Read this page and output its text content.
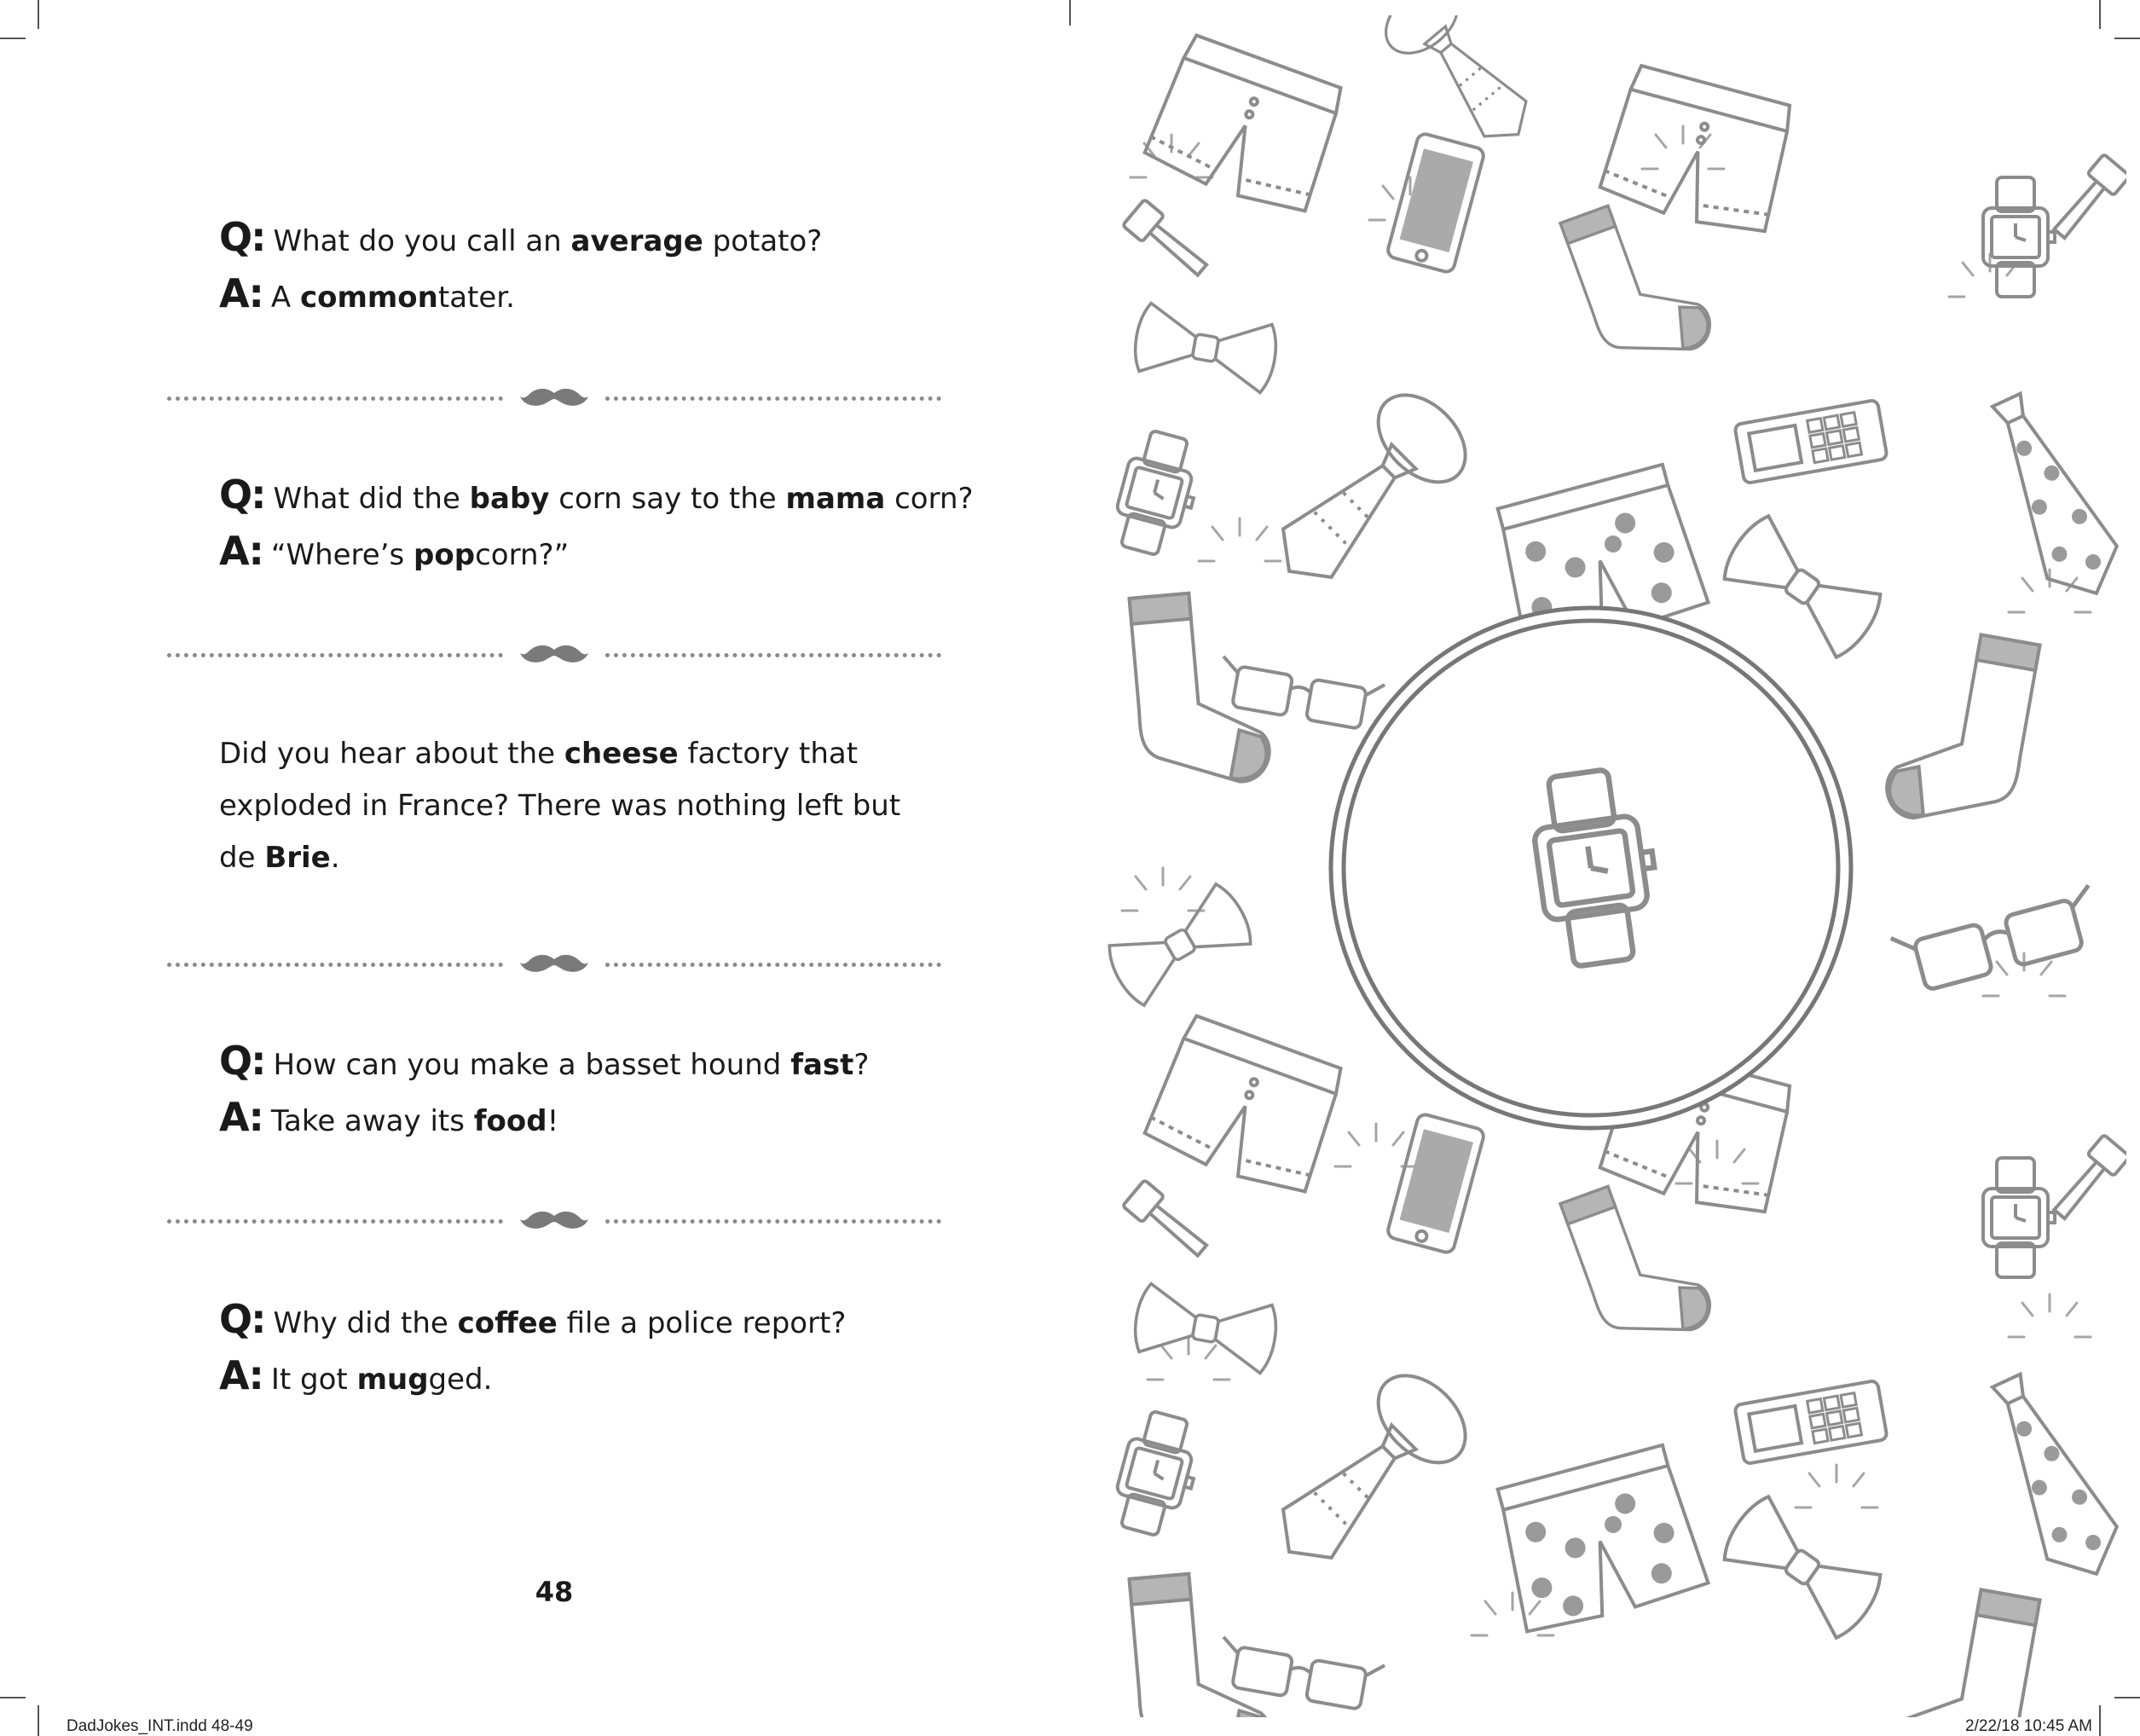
Q: What do you call an average potato?
A: A commontater.
Q: What did the baby corn say to the mama corn?
A: “Where’s popcorn?”
Did you hear about the cheese factory that
exploded in France? There was nothing left but
de Brie.
Q: How can you make a basset hound fast?
A: Take away its food!
Q: Why did the coffee file a police report?
A: It got mugged.
48
DadJokes_INT.indd 48-49	2/22/18 10:45 AM
